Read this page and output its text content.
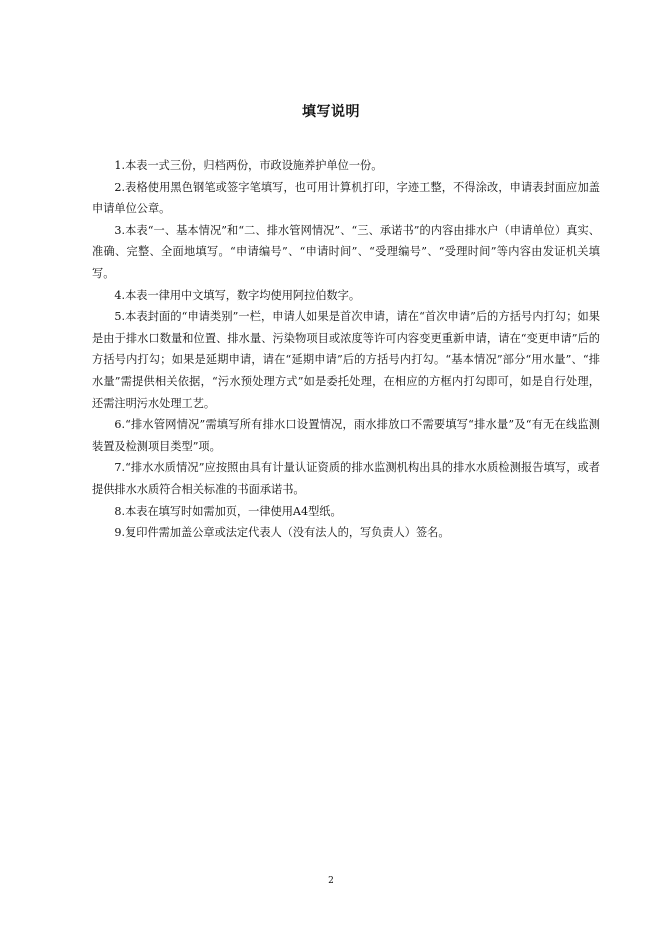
填写说明

1.本表一式三份，归档两份，市政设施养护单位一份。

2.表格使用黑色钢笔或签字笔填写，也可用计算机打印，字迹工整，不得涂改，申请表封面应加盖申请单位公章。

3.本表“一、基本情况”和“二、排水管网情况”、“三、承诺书”的内容由排水户（申请单位）真实、准确、完整、全面地填写。“申请编号”、“申请时间”、“受理编号”、“受理时间”等内容由发证机关填写。

4.本表一律用中文填写，数字均使用阿拉伯数字。

5.本表封面的“申请类别”一栏，申请人如果是首次申请，请在“首次申请”后的方括号内打勾；如果是由于排水口数量和位置、排水量、污染物项目或浓度等许可内容变更重新申请，请在“变更申请”后的方括号内打勾；如果是延期申请，请在“延期申请”后的方括号内打勾。“基本情况”部分“用水量”、“排水量”需提供相关依据，“污水预处理方式”如是委托处理，在相应的方框内打勾即可，如是自行处理，还需注明污水处理工艺。

6.“排水管网情况”需填写所有排水口设置情况，雨水排放口不需要填写“排水量”及“有无在线监测装置及检测项目类型”项。

7.“排水水质情况”应按照由具有计量认证资质的排水监测机构出具的排水水质检测报告填写，或者提供排水水质符合相关标准的书面承诺书。

8.本表在填写时如需加页，一律使用A4型纸。

9.复印件需加盖公章或法定代表人（没有法人的，写负责人）签名。

2
